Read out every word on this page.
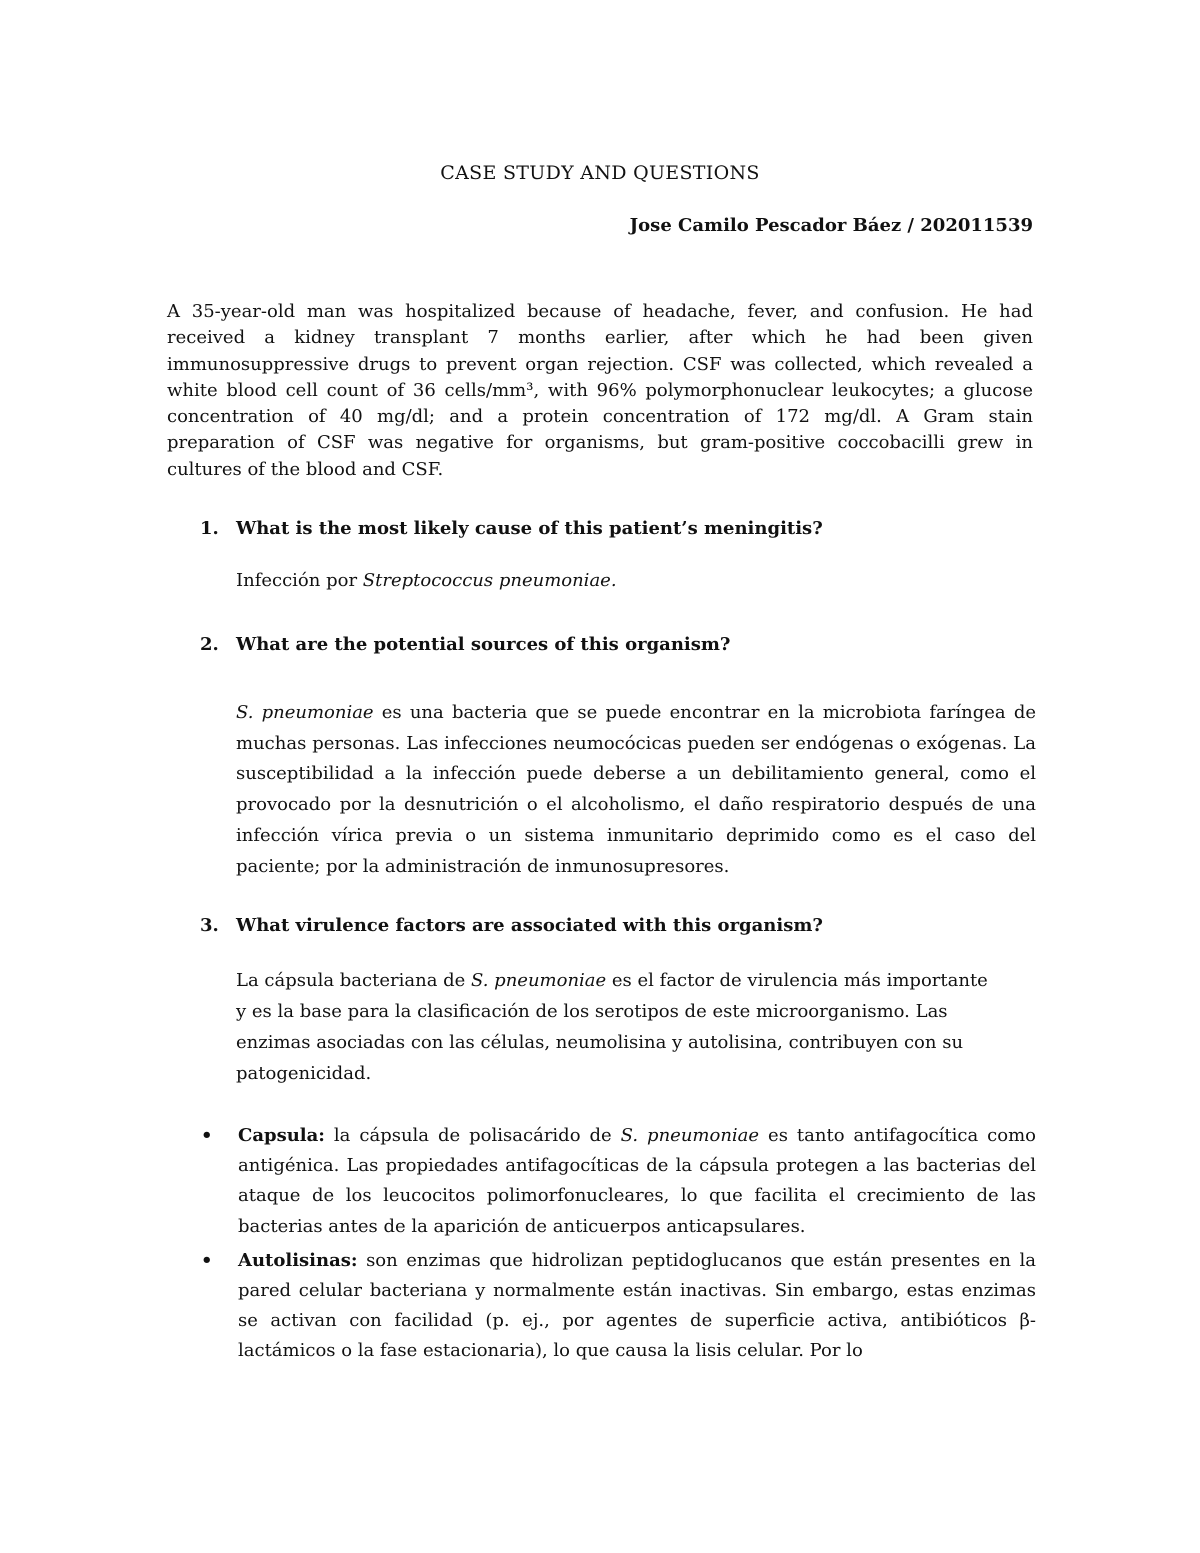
CASE STUDY AND QUESTIONS
Jose Camilo Pescador Báez / 202011539
A 35-year-old man was hospitalized because of headache, fever, and confusion. He had received a kidney transplant 7 months earlier, after which he had been given immunosuppressive drugs to prevent organ rejection. CSF was collected, which revealed a white blood cell count of 36 cells/mm³, with 96% polymorphonuclear leukocytes; a glucose concentration of 40 mg/dl; and a protein concentration of 172 mg/dl. A Gram stain preparation of CSF was negative for organisms, but gram-positive coccobacilli grew in cultures of the blood and CSF.
1. What is the most likely cause of this patient’s meningitis?
Infección por Streptococcus pneumoniae.
2. What are the potential sources of this organism?
S. pneumoniae es una bacteria que se puede encontrar en la microbiota faríngea de muchas personas. Las infecciones neumocócicas pueden ser endógenas o exógenas. La susceptibilidad a la infección puede deberse a un debilitamiento general, como el provocado por la desnutrición o el alcoholismo, el daño respiratorio después de una infección vírica previa o un sistema inmunitario deprimido como es el caso del paciente; por la administración de inmunosupresores.
3. What virulence factors are associated with this organism?
La cápsula bacteriana de S. pneumoniae es el factor de virulencia más importante
y es la base para la clasificación de los serotipos de este microorganismo. Las
enzimas asociadas con las células, neumolisina y autolisina, contribuyen con su
patogenicidad.
• Capsula: la cápsula de polisacárido de S. pneumoniae es tanto antifagocítica como antigénica. Las propiedades antifagocíticas de la cápsula protegen a las bacterias del ataque de los leucocitos polimorfonucleares, lo que facilita el crecimiento de las bacterias antes de la aparición de anticuerpos anticapsulares.
• Autolisinas: son enzimas que hidrolizan peptidoglucanos que están presentes en la pared celular bacteriana y normalmente están inactivas. Sin embargo, estas enzimas se activan con facilidad (p. ej., por agentes de superficie activa, antibióticos β- lactámicos o la fase estacionaria), lo que causa la lisis celular. Por lo
